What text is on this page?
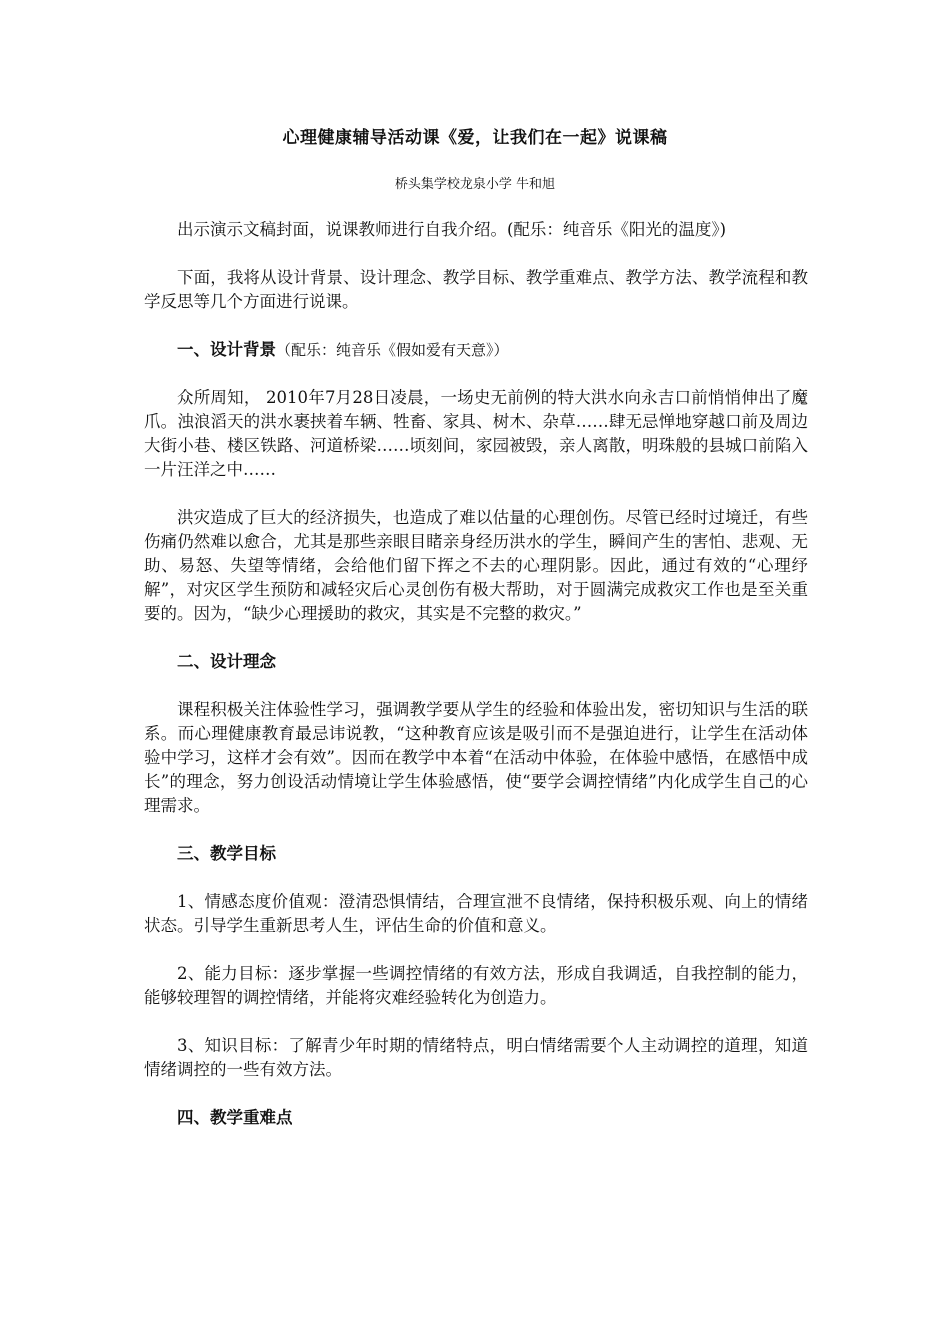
心理健康辅导活动课《爱，让我们在一起》说课稿
桥头集学校龙泉小学 牛和旭

出示演示文稿封面，说课教师进行自我介绍。(配乐：纯音乐《阳光的温度》)

下面，我将从设计背景、设计理念、教学目标、教学重难点、教学方法、教学流程和教学反思等几个方面进行说课。

一、设计背景（配乐：纯音乐《假如爱有天意》）

众所周知， 2010年7月28日凌晨，一场史无前例的特大洪水向永吉口前悄悄伸出了魔爪。浊浪滔天的洪水裹挟着车辆、牲畜、家具、树木、杂草……肆无忌惮地穿越口前及周边大街小巷、楼区铁路、河道桥梁……顷刻间，家园被毁，亲人离散，明珠般的县城口前陷入一片汪洋之中……

洪灾造成了巨大的经济损失，也造成了难以估量的心理创伤。尽管已经时过境迁，有些伤痛仍然难以愈合，尤其是那些亲眼目睹亲身经历洪水的学生，瞬间产生的害怕、悲观、无助、易怒、失望等情绪，会给他们留下挥之不去的心理阴影。因此，通过有效的“心理纾解”，对灾区学生预防和减轻灾后心灵创伤有极大帮助，对于圆满完成救灾工作也是至关重要的。因为，“缺少心理援助的救灾，其实是不完整的救灾。”

二、设计理念

课程积极关注体验性学习，强调教学要从学生的经验和体验出发，密切知识与生活的联系。而心理健康教育最忌讳说教，“这种教育应该是吸引而不是强迫进行，让学生在活动体验中学习，这样才会有效”。因而在教学中本着“在活动中体验，在体验中感悟，在感悟中成长”的理念，努力创设活动情境让学生体验感悟，使“要学会调控情绪”内化成学生自己的心理需求。

三、教学目标

1、情感态度价值观：澄清恐惧情结，合理宣泄不良情绪，保持积极乐观、向上的情绪状态。引导学生重新思考人生，评估生命的价值和意义。

2、能力目标：逐步掌握一些调控情绪的有效方法，形成自我调适，自我控制的能力，能够较理智的调控情绪，并能将灾难经验转化为创造力。

3、知识目标：了解青少年时期的情绪特点，明白情绪需要个人主动调控的道理，知道情绪调控的一些有效方法。

四、教学重难点
